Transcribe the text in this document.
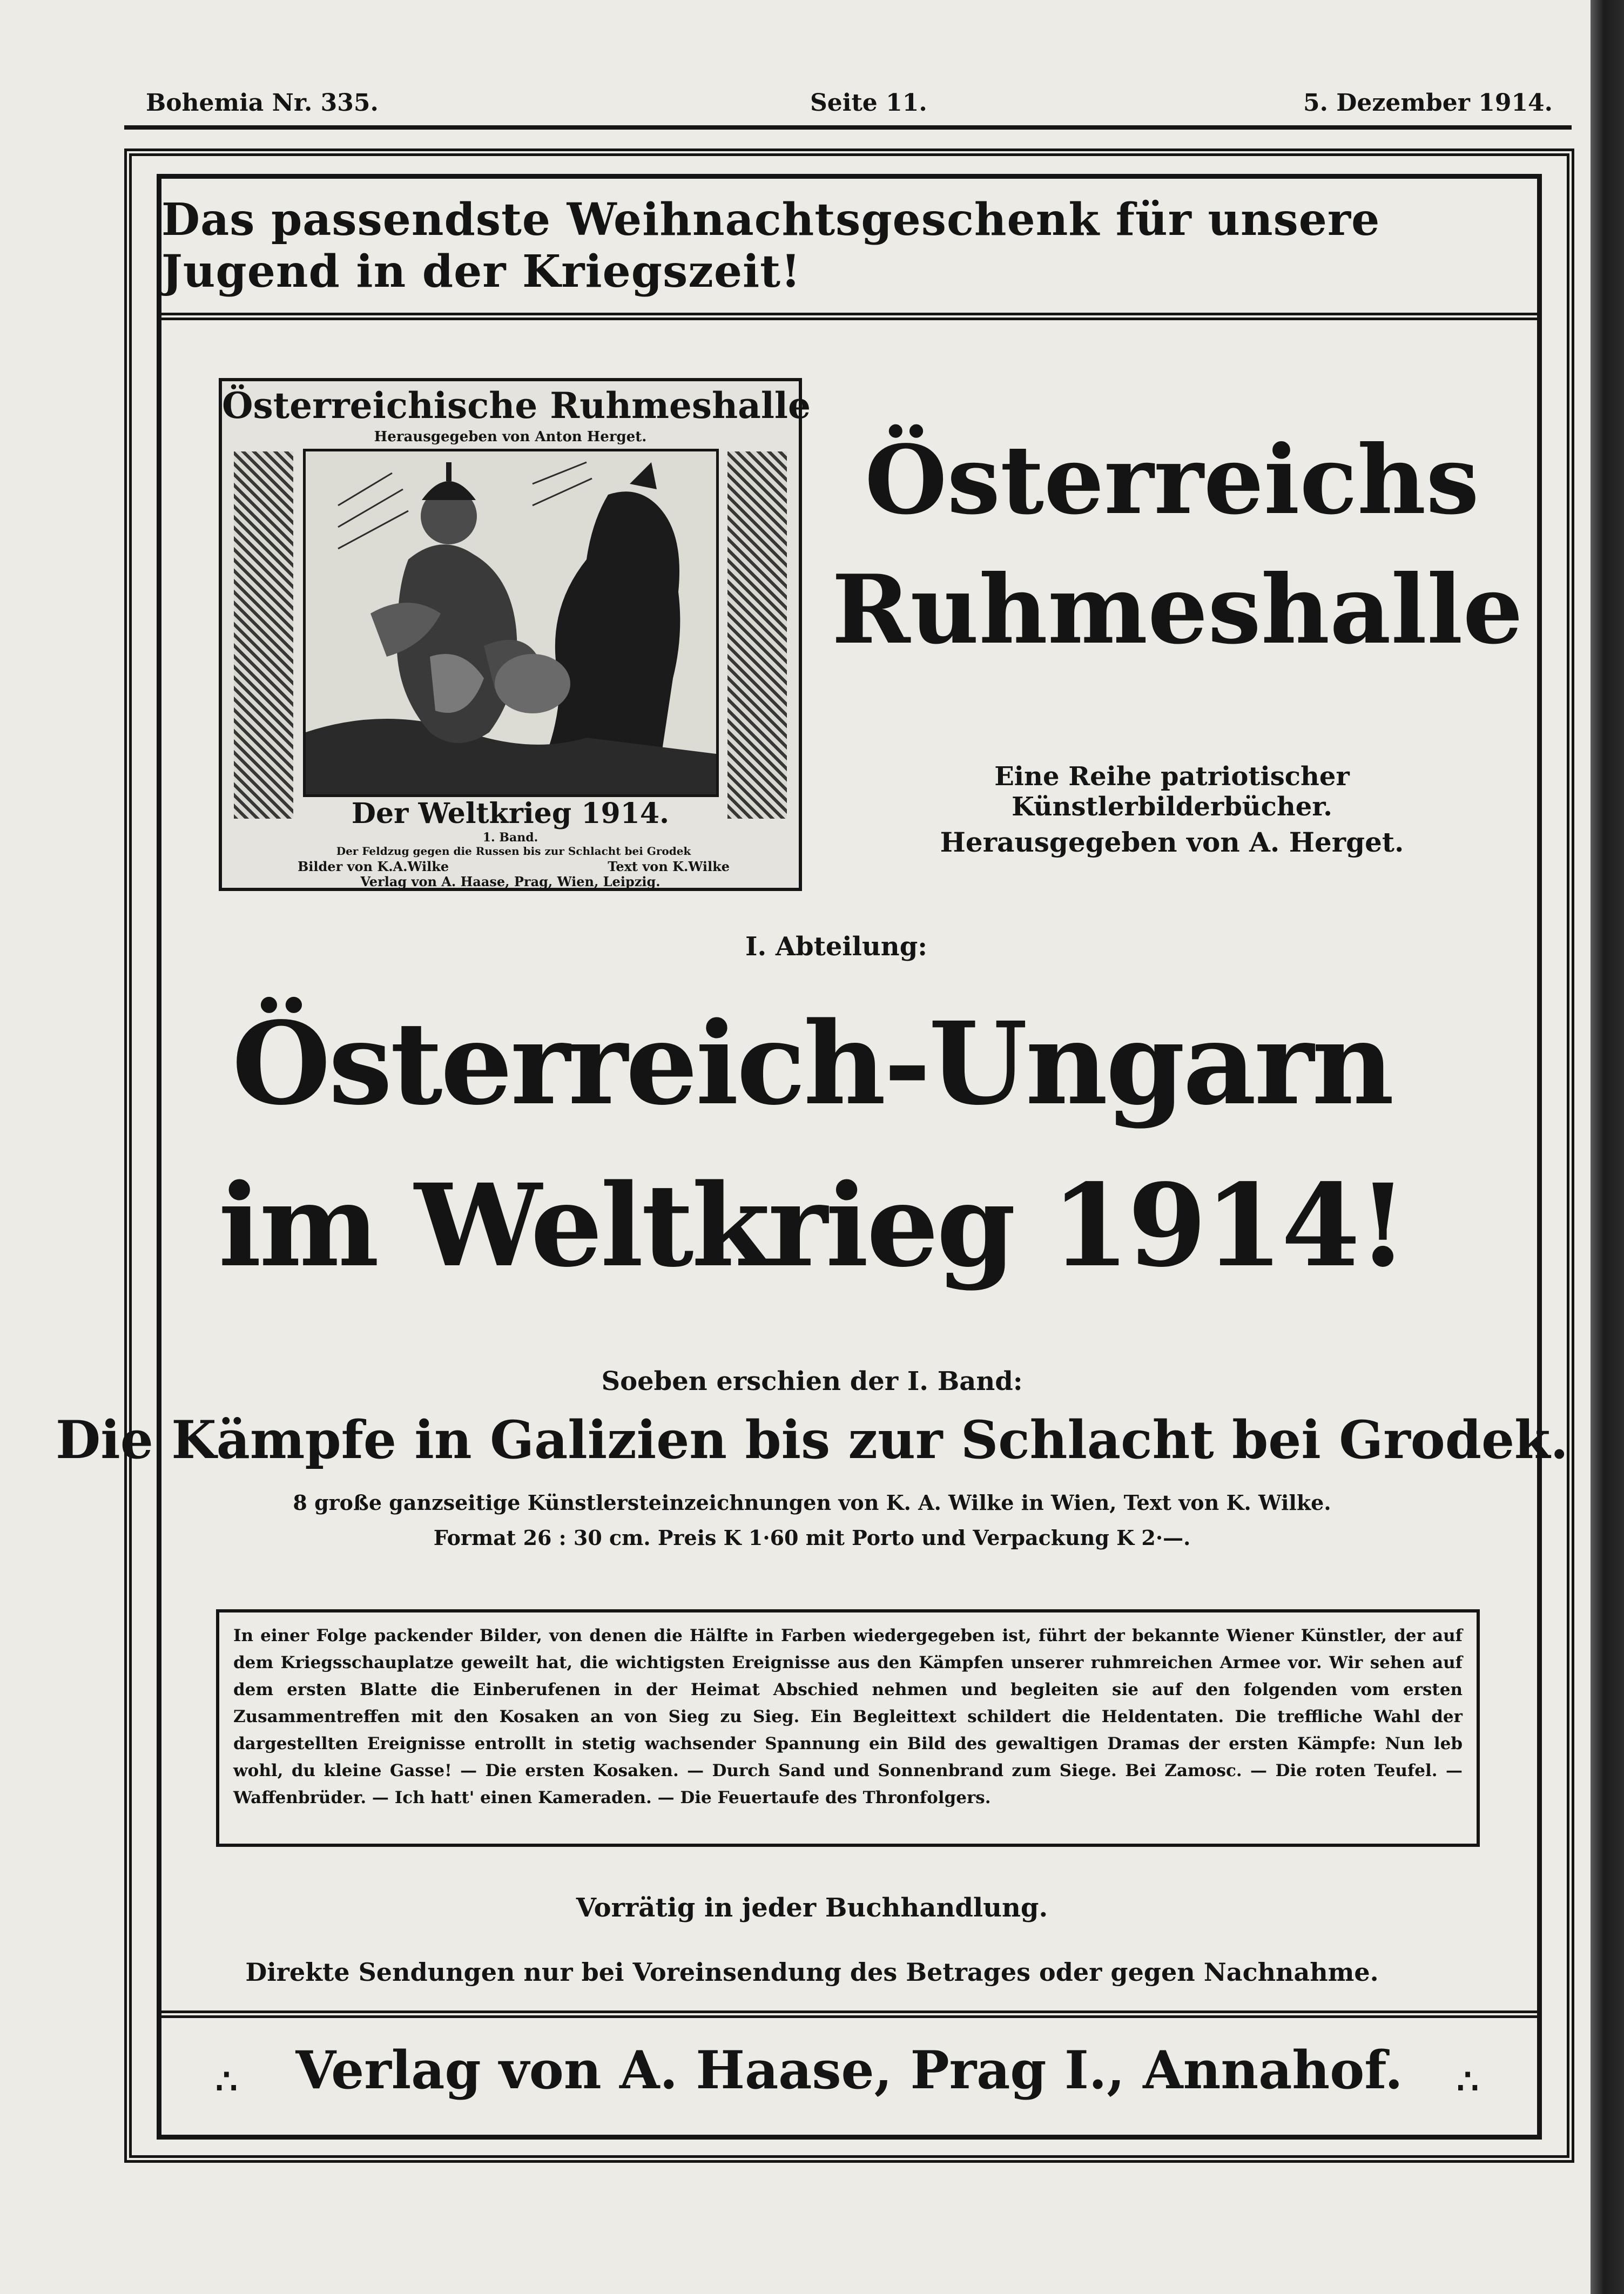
Bohemia Nr. 335.	Seite 11.	5. Dezember 1914.
Das passendste Weihnachtsgeschenk für unsere Jugend in der Kriegszeit!
∴	Verlag von A. Haase, Prag I., Annahof.	∴
Österreichische Ruhmeshalle
Herausgegeben von Anton Herget.
Der Weltkrieg 1914.
1. Band.
Der Feldzug gegen die Russen bis zur Schlacht bei Grodek
Bilder von K.A.Wilke	Text von K.Wilke
Verlag von A. Haase, Prag, Wien, Leipzig.
Österreichs
Ruhmeshalle
Eine Reihe patriotischer Künstlerbilderbücher.
Herausgegeben von A. Herget.
I. Abteilung:
Österreich-Ungarn
im Weltkrieg 1914!
Soeben erschien der I. Band:
Die Kämpfe in Galizien bis zur Schlacht bei Grodek.
8 große ganzseitige Künstlersteinzeichnungen von K. A. Wilke in Wien, Text von K. Wilke.
Format 26 : 30 cm. Preis K 1·60 mit Porto und Verpackung K 2·—.
In einer Folge packender Bilder, von denen die Hälfte in Farben wiedergegeben ist, führt der bekannte Wiener Künstler, der auf dem Kriegsschauplatze geweilt hat, die wichtigsten Ereignisse aus den Kämpfen unserer ruhmreichen Armee vor. Wir sehen auf dem ersten Blatte die Einberufenen in der Heimat Abschied nehmen und begleiten sie auf den folgenden vom ersten Zusammentreffen mit den Kosaken an von Sieg zu Sieg. Ein Begleittext schildert die Heldentaten. Die treffliche Wahl der dargestellten Ereignisse entrollt in stetig wachsender Spannung ein Bild des gewaltigen Dramas der ersten Kämpfe: Nun leb wohl, du kleine Gasse! — Die ersten Kosaken. — Durch Sand und Sonnenbrand zum Siege. Bei Zamosc. — Die roten Teufel. — Waffenbrüder. — Ich hatt' einen Kameraden. — Die Feuertaufe des Thronfolgers.
Vorrätig in jeder Buchhandlung.
Direkte Sendungen nur bei Voreinsendung des Betrages oder gegen Nachnahme.
